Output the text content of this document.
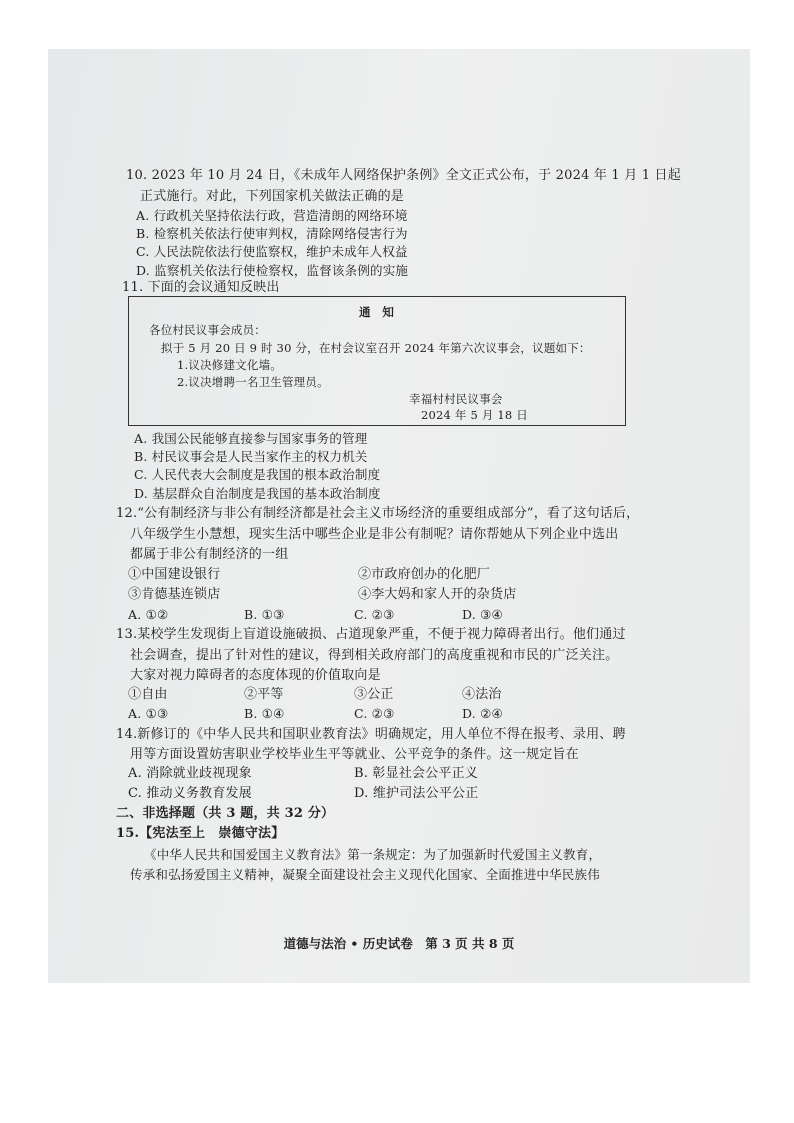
10. 2023 年 10 月 24 日，《未成年人网络保护条例》全文正式公布，于 2024 年 1 月 1 日起
正式施行。对此，下列国家机关做法正确的是
A. 行政机关坚持依法行政，营造清朗的网络环境
B. 检察机关依法行使审判权，清除网络侵害行为
C. 人民法院依法行使监察权，维护未成年人权益
D. 监察机关依法行使检察权，监督该条例的实施
11. 下面的会议通知反映出
通　知
各位村民议事会成员：
拟于 5 月 20 日 9 时 30 分，在村会议室召开 2024 年第六次议事会，议题如下：
1.议决修建文化墙。
2.议决增聘一名卫生管理员。
幸福村村民议事会
2024 年 5 月 18 日
A. 我国公民能够直接参与国家事务的管理
B. 村民议事会是人民当家作主的权力机关
C. 人民代表大会制度是我国的根本政治制度
D. 基层群众自治制度是我国的基本政治制度
12.“公有制经济与非公有制经济都是社会主义市场经济的重要组成部分”，看了这句话后，
八年级学生小慧想，现实生活中哪些企业是非公有制呢？请你帮她从下列企业中选出
都属于非公有制经济的一组
①中国建设银行	②市政府创办的化肥厂
③肯德基连锁店	④李大妈和家人开的杂货店
A. ①②	B. ①③	C. ②③	D. ③④
13.某校学生发现街上盲道设施破损、占道现象严重，不便于视力障碍者出行。他们通过
社会调查，提出了针对性的建议，得到相关政府部门的高度重视和市民的广泛关注。
大家对视力障碍者的态度体现的价值取向是
①自由	②平等	③公正	④法治
A. ①③	B. ①④	C. ②③	D. ②④
14.新修订的《中华人民共和国职业教育法》明确规定，用人单位不得在报考、录用、聘
用等方面设置妨害职业学校毕业生平等就业、公平竞争的条件。这一规定旨在
A. 消除就业歧视现象	B. 彰显社会公平正义
C. 推动义务教育发展	D. 维护司法公平公正
二、非选择题（共 3 题，共 32 分）
15.【宪法至上　崇德守法】
《中华人民共和国爱国主义教育法》第一条规定：为了加强新时代爱国主义教育，
传承和弘扬爱国主义精神，凝聚全面建设社会主义现代化国家、全面推进中华民族伟
道德与法治 • 历史试卷　第 3 页 共 8 页
